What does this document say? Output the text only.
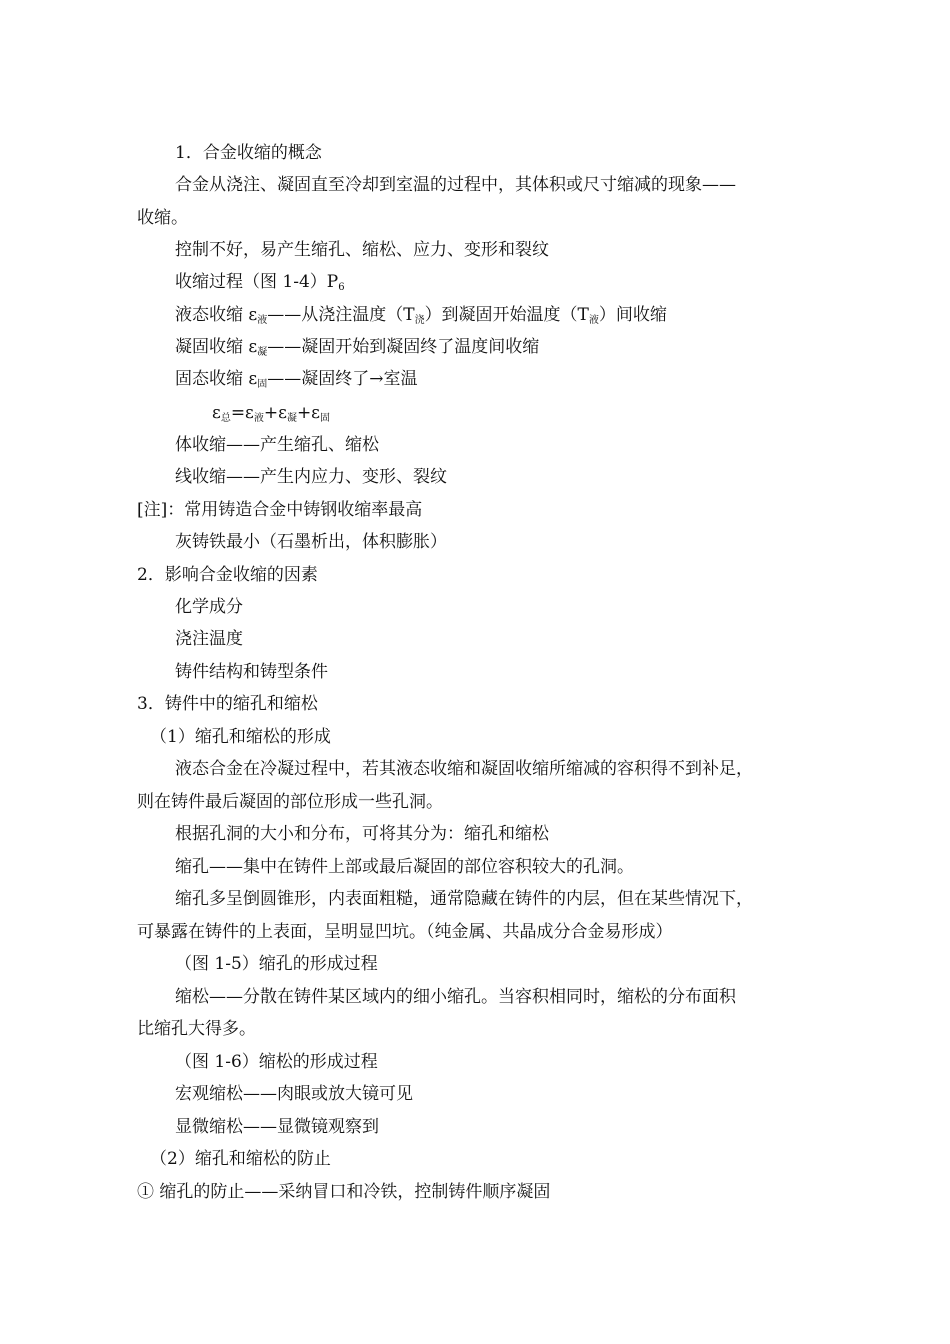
1．合金收缩的概念
合金从浇注、凝固直至冷却到室温的过程中，其体积或尺寸缩减的现象——
收缩。
控制不好，易产生缩孔、缩松、应力、变形和裂纹
收缩过程（图 $1-4)P_6$
液态收缩 $\varepsilon_液——$从浇注温度$(T_浇)$到凝固开始温度$(T_液)$间收缩
凝固收缩 $\varepsilon_凝——$凝固开始到凝固终了温度间收缩
固态收缩 $\varepsilon_固——$凝固终了→室温
$\varepsilon_总=\varepsilon_液+\varepsilon_凝+\varepsilon_固$
体收缩——产生缩孔、缩松
线收缩——产生内应力、变形、裂纹
[注]：常用铸造合金中铸钢收缩率最高
灰铸铁最小（石墨析出，体积膨胀）
2．影响合金收缩的因素
化学成分
浇注温度
铸件结构和铸型条件
3．铸件中的缩孔和缩松
（1）缩孔和缩松的形成
液态合金在冷凝过程中，若其液态收缩和凝固收缩所缩减的容积得不到补足，
则在铸件最后凝固的部位形成一些孔洞。
根据孔洞的大小和分布，可将其分为：缩孔和缩松
缩孔——集中在铸件上部或最后凝固的部位容积较大的孔洞。
缩孔多呈倒圆锥形，内表面粗糙，通常隐藏在铸件的内层，但在某些情况下，
可暴露在铸件的上表面，呈明显凹坑。（纯金属、共晶成分合金易形成）
（图 1-5）缩孔的形成过程
缩松——分散在铸件某区域内的细小缩孔。当容积相同时，缩松的分布面积
比缩孔大得多。
（图 1-6）缩松的形成过程
宏观缩松——肉眼或放大镜可见
显微缩松——显微镜观察到
（2）缩孔和缩松的防止
① 缩孔的防止——采纳冒口和冷铁，控制铸件顺序凝固
